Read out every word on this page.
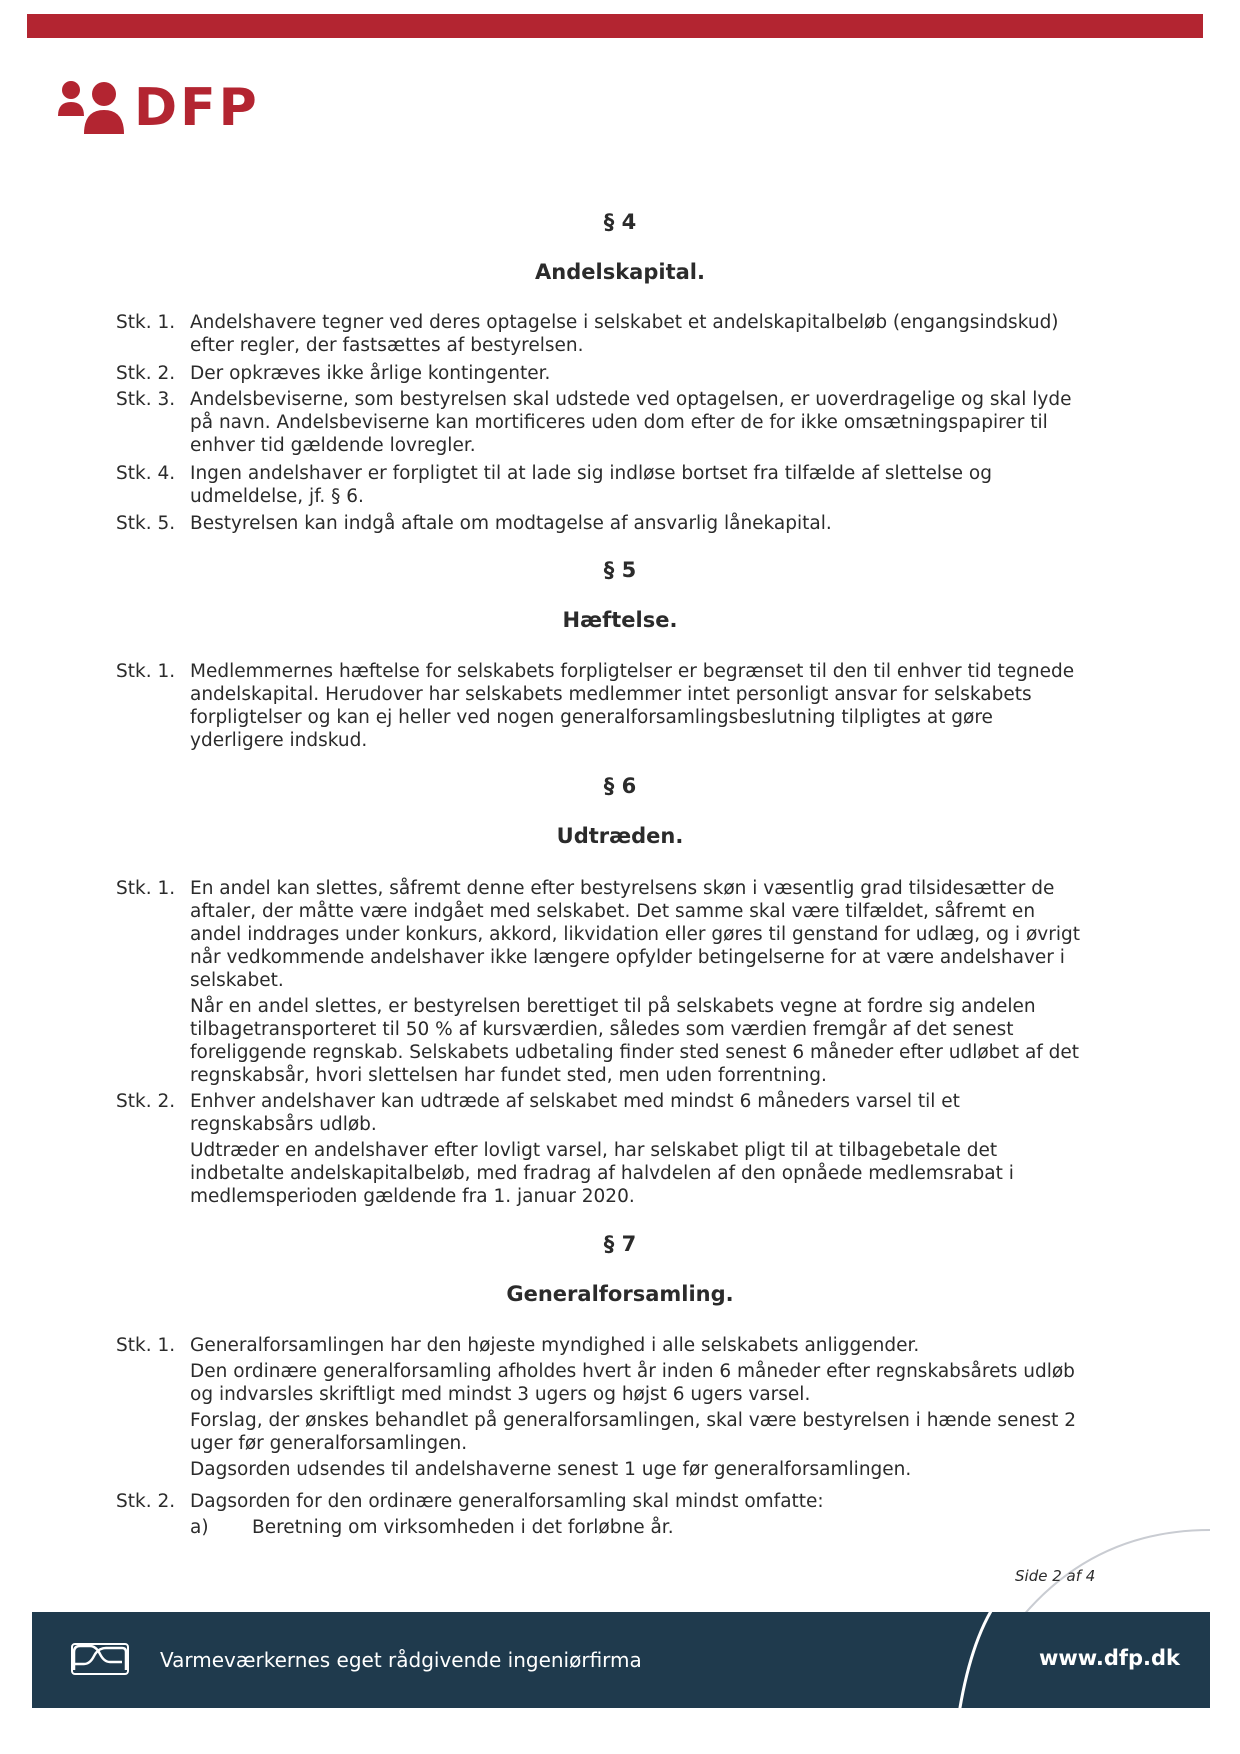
DFP
§ 4
Andelskapital.
Stk. 1. Andelshavere tegner ved deres optagelse i selskabet et andelskapitalbeløb (engangsindskud) efter regler, der fastsættes af bestyrelsen.

Stk. 2. Der opkræves ikke årlige kontingenter.

Stk. 3. Andelsbeviserne, som bestyrelsen skal udstede ved optagelsen, er uoverdragelige og skal lyde på navn. Andelsbeviserne kan mortificeres uden dom efter de for ikke omsætningspapirer til enhver tid gældende lovregler.

Stk. 4. Ingen andelshaver er forpligtet til at lade sig indløse bortset fra tilfælde af slettelse og udmeldelse, jf. § 6.

Stk. 5. Bestyrelsen kan indgå aftale om modtagelse af ansvarlig lånekapital.

§ 5
Hæftelse.
Stk. 1. Medlemmernes hæftelse for selskabets forpligtelser er begrænset til den til enhver tid tegnede andelskapital. Herudover har selskabets medlemmer intet personligt ansvar for selskabets forpligtelser og kan ej heller ved nogen generalforsamlingsbeslutning tilpligtes at gøre yderligere indskud.

§ 6
Udtræden.
Stk. 1. En andel kan slettes, såfremt denne efter bestyrelsens skøn i væsentlig grad tilsidesætter de aftaler, der måtte være indgået med selskabet. Det samme skal være tilfældet, såfremt en andel inddrages under konkurs, akkord, likvidation eller gøres til genstand for udlæg, og i øvrigt når vedkommende andelshaver ikke længere opfylder betingelserne for at være andelshaver i selskabet.

Når en andel slettes, er bestyrelsen berettiget til på selskabets vegne at fordre sig andelen tilbagetransporteret til 50 % af kursværdien, således som værdien fremgår af det senest foreliggende regnskab. Selskabets udbetaling finder sted senest 6 måneder efter udløbet af det regnskabsår, hvori slettelsen har fundet sted, men uden forrentning.

Stk. 2. Enhver andelshaver kan udtræde af selskabet med mindst 6 måneders varsel til et regnskabsårs udløb.

Udtræder en andelshaver efter lovligt varsel, har selskabet pligt til at tilbagebetale det indbetalte andelskapitalbeløb, med fradrag af halvdelen af den opnåede medlemsrabat i medlemsperioden gældende fra 1. januar 2020.

§ 7
Generalforsamling.
Stk. 1. Generalforsamlingen har den højeste myndighed i alle selskabets anliggender.

Den ordinære generalforsamling afholdes hvert år inden 6 måneder efter regnskabsårets udløb og indvarsles skriftligt med mindst 3 ugers og højst 6 ugers varsel.

Forslag, der ønskes behandlet på generalforsamlingen, skal være bestyrelsen i hænde senest 2 uger før generalforsamlingen.

Dagsorden udsendes til andelshaverne senest 1 uge før generalforsamlingen.

Stk. 2. Dagsorden for den ordinære generalforsamling skal mindst omfatte:

a)	Beretning om virksomheden i det forløbne år.
Side 2 af 4
Varmeværkernes eget rådgivende ingeniørfirma	www.dfp.dk
